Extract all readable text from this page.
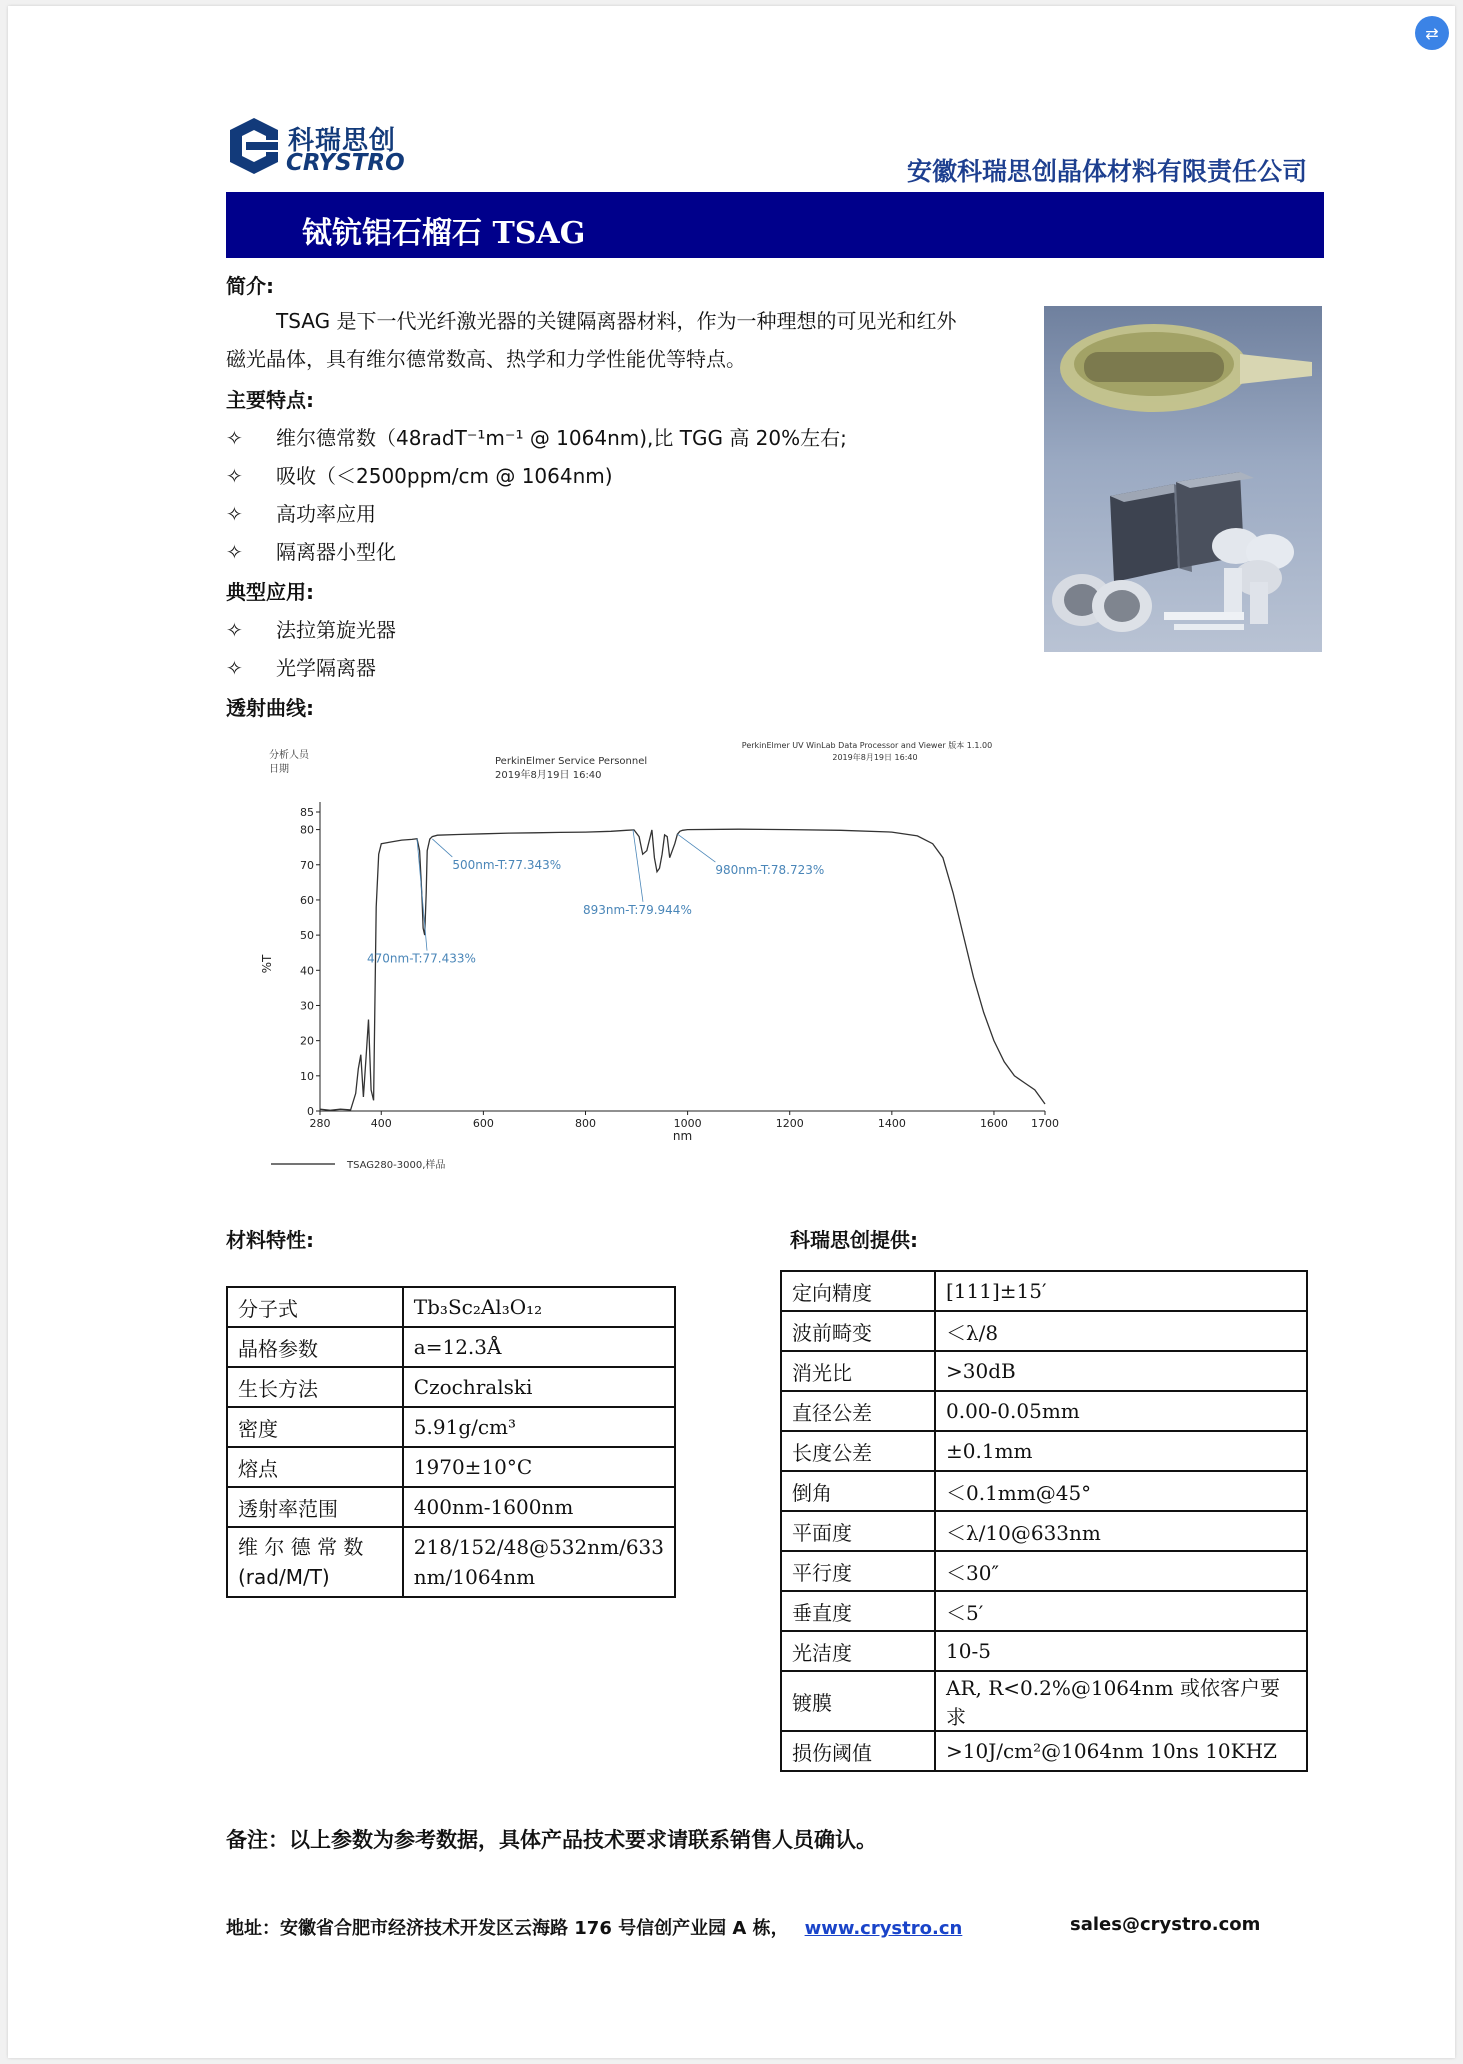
科瑞思创
CRYSTRO	安徽科瑞思创晶体材料有限责任公司
铽钪铝石榴石 TSAG
简介:
TSAG 是下一代光纤激光器的关键隔离器材料，作为一种理想的可见光和红外
磁光晶体，具有维尔德常数高、热学和力学性能优等特点。
主要特点:
✧ 维尔德常数（48radT⁻¹m⁻¹ @ 1064nm),比 TGG 高 20%左右;
✧ 吸收（＜2500ppm/cm @ 1064nm)
✧ 高功率应用
✧ 隔离器小型化
典型应用:
✧ 法拉第旋光器
✧ 光学隔离器
透射曲线:
分析人员
日期
PerkinElmer Service Personnel
2019年8月19日 16:40
PerkinElmer UV WinLab Data Processor and Viewer 版本 1.1.00
2019年8月19日 16:40
0
10
20
30
40
50
60
70
80
85
280	400	600	800	1000	1200	1400	1600 1700
%T
nm
500nm-T:77.343%
470nm-T:77.433%
893nm-T:79.944%
980nm-T:78.723%
TSAG280-3000,样品
材料特性:
分子式	Tb₃Sc₂Al₃O₁₂
晶格参数	a=12.3Å
生长方法	Czochralski
密度	5.91g/cm³
熔点	1970±10°C
透射率范围	400nm-1600nm
维 尔 德 常 数 (rad/M/T)	218/152/48@532nm/633 nm/1064nm
科瑞思创提供:
定向精度	[111]±15′
波前畸变	＜λ/8
消光比	>30dB
直径公差	0.00-0.05mm
长度公差	±0.1mm
倒角	＜0.1mm@45°
平面度	＜λ/10@633nm
平行度	＜30″
垂直度	＜5′
光洁度	10-5
镀膜	AR, R<0.2%@1064nm 或依客户要求
损伤阈值	>10J/cm²@1064nm 10ns 10KHZ
备注：以上参数为参考数据，具体产品技术要求请联系销售人员确认。
地址：安徽省合肥市经济技术开发区云海路 176 号信创产业园 A 栋， www.crystro.cn	sales@crystro.com
⇄
